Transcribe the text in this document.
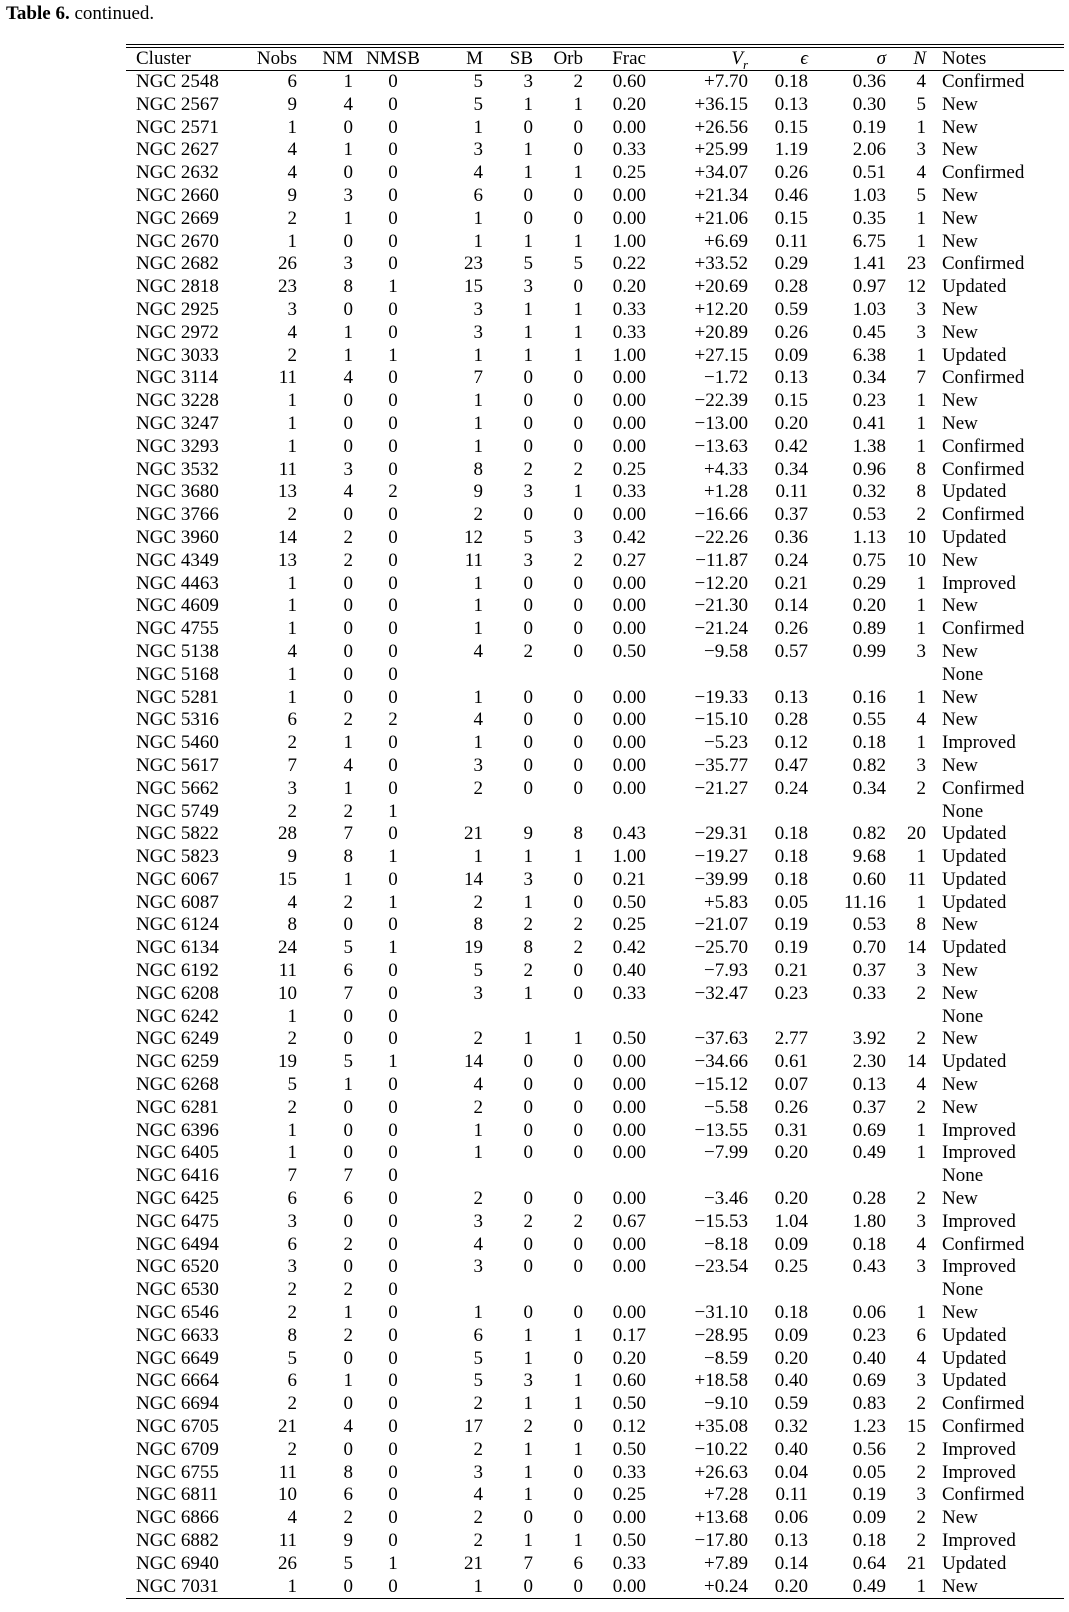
Table 6. continued.
Cluster	Nobs	NM	NMSB	M	SB	Orb	Frac	$V_r$	ϵ	σ	N	Notes
NGC 2548	6	1	0	5	3	2	0.60	+7.70	0.18	0.36	4	Confirmed
NGC 2567	9	4	0	5	1	1	0.20	+36.15	0.13	0.30	5	New
NGC 2571	1	0	0	1	0	0	0.00	+26.56	0.15	0.19	1	New
NGC 2627	4	1	0	3	1	0	0.33	+25.99	1.19	2.06	3	New
NGC 2632	4	0	0	4	1	1	0.25	+34.07	0.26	0.51	4	Confirmed
NGC 2660	9	3	0	6	0	0	0.00	+21.34	0.46	1.03	5	New
NGC 2669	2	1	0	1	0	0	0.00	+21.06	0.15	0.35	1	New
NGC 2670	1	0	0	1	1	1	1.00	+6.69	0.11	6.75	1	New
NGC 2682	26	3	0	23	5	5	0.22	+33.52	0.29	1.41	23	Confirmed
NGC 2818	23	8	1	15	3	0	0.20	+20.69	0.28	0.97	12	Updated
NGC 2925	3	0	0	3	1	1	0.33	+12.20	0.59	1.03	3	New
NGC 2972	4	1	0	3	1	1	0.33	+20.89	0.26	0.45	3	New
NGC 3033	2	1	1	1	1	1	1.00	+27.15	0.09	6.38	1	Updated
NGC 3114	11	4	0	7	0	0	0.00	−1.72	0.13	0.34	7	Confirmed
NGC 3228	1	0	0	1	0	0	0.00	−22.39	0.15	0.23	1	New
NGC 3247	1	0	0	1	0	0	0.00	−13.00	0.20	0.41	1	New
NGC 3293	1	0	0	1	0	0	0.00	−13.63	0.42	1.38	1	Confirmed
NGC 3532	11	3	0	8	2	2	0.25	+4.33	0.34	0.96	8	Confirmed
NGC 3680	13	4	2	9	3	1	0.33	+1.28	0.11	0.32	8	Updated
NGC 3766	2	0	0	2	0	0	0.00	−16.66	0.37	0.53	2	Confirmed
NGC 3960	14	2	0	12	5	3	0.42	−22.26	0.36	1.13	10	Updated
NGC 4349	13	2	0	11	3	2	0.27	−11.87	0.24	0.75	10	New
NGC 4463	1	0	0	1	0	0	0.00	−12.20	0.21	0.29	1	Improved
NGC 4609	1	0	0	1	0	0	0.00	−21.30	0.14	0.20	1	New
NGC 4755	1	0	0	1	0	0	0.00	−21.24	0.26	0.89	1	Confirmed
NGC 5138	4	0	0	4	2	0	0.50	−9.58	0.57	0.99	3	New
NGC 5168	1	0	0									None
NGC 5281	1	0	0	1	0	0	0.00	−19.33	0.13	0.16	1	New
NGC 5316	6	2	2	4	0	0	0.00	−15.10	0.28	0.55	4	New
NGC 5460	2	1	0	1	0	0	0.00	−5.23	0.12	0.18	1	Improved
NGC 5617	7	4	0	3	0	0	0.00	−35.77	0.47	0.82	3	New
NGC 5662	3	1	0	2	0	0	0.00	−21.27	0.24	0.34	2	Confirmed
NGC 5749	2	2	1									None
NGC 5822	28	7	0	21	9	8	0.43	−29.31	0.18	0.82	20	Updated
NGC 5823	9	8	1	1	1	1	1.00	−19.27	0.18	9.68	1	Updated
NGC 6067	15	1	0	14	3	0	0.21	−39.99	0.18	0.60	11	Updated
NGC 6087	4	2	1	2	1	0	0.50	+5.83	0.05	11.16	1	Updated
NGC 6124	8	0	0	8	2	2	0.25	−21.07	0.19	0.53	8	New
NGC 6134	24	5	1	19	8	2	0.42	−25.70	0.19	0.70	14	Updated
NGC 6192	11	6	0	5	2	0	0.40	−7.93	0.21	0.37	3	New
NGC 6208	10	7	0	3	1	0	0.33	−32.47	0.23	0.33	2	New
NGC 6242	1	0	0									None
NGC 6249	2	0	0	2	1	1	0.50	−37.63	2.77	3.92	2	New
NGC 6259	19	5	1	14	0	0	0.00	−34.66	0.61	2.30	14	Updated
NGC 6268	5	1	0	4	0	0	0.00	−15.12	0.07	0.13	4	New
NGC 6281	2	0	0	2	0	0	0.00	−5.58	0.26	0.37	2	New
NGC 6396	1	0	0	1	0	0	0.00	−13.55	0.31	0.69	1	Improved
NGC 6405	1	0	0	1	0	0	0.00	−7.99	0.20	0.49	1	Improved
NGC 6416	7	7	0									None
NGC 6425	6	6	0	2	0	0	0.00	−3.46	0.20	0.28	2	New
NGC 6475	3	0	0	3	2	2	0.67	−15.53	1.04	1.80	3	Improved
NGC 6494	6	2	0	4	0	0	0.00	−8.18	0.09	0.18	4	Confirmed
NGC 6520	3	0	0	3	0	0	0.00	−23.54	0.25	0.43	3	Improved
NGC 6530	2	2	0									None
NGC 6546	2	1	0	1	0	0	0.00	−31.10	0.18	0.06	1	New
NGC 6633	8	2	0	6	1	1	0.17	−28.95	0.09	0.23	6	Updated
NGC 6649	5	0	0	5	1	0	0.20	−8.59	0.20	0.40	4	Updated
NGC 6664	6	1	0	5	3	1	0.60	+18.58	0.40	0.69	3	Updated
NGC 6694	2	0	0	2	1	1	0.50	−9.10	0.59	0.83	2	Confirmed
NGC 6705	21	4	0	17	2	0	0.12	+35.08	0.32	1.23	15	Confirmed
NGC 6709	2	0	0	2	1	1	0.50	−10.22	0.40	0.56	2	Improved
NGC 6755	11	8	0	3	1	0	0.33	+26.63	0.04	0.05	2	Improved
NGC 6811	10	6	0	4	1	0	0.25	+7.28	0.11	0.19	3	Confirmed
NGC 6866	4	2	0	2	0	0	0.00	+13.68	0.06	0.09	2	New
NGC 6882	11	9	0	2	1	1	0.50	−17.80	0.13	0.18	2	Improved
NGC 6940	26	5	1	21	7	6	0.33	+7.89	0.14	0.64	21	Updated
NGC 7031	1	0	0	1	0	0	0.00	+0.24	0.20	0.49	1	New
